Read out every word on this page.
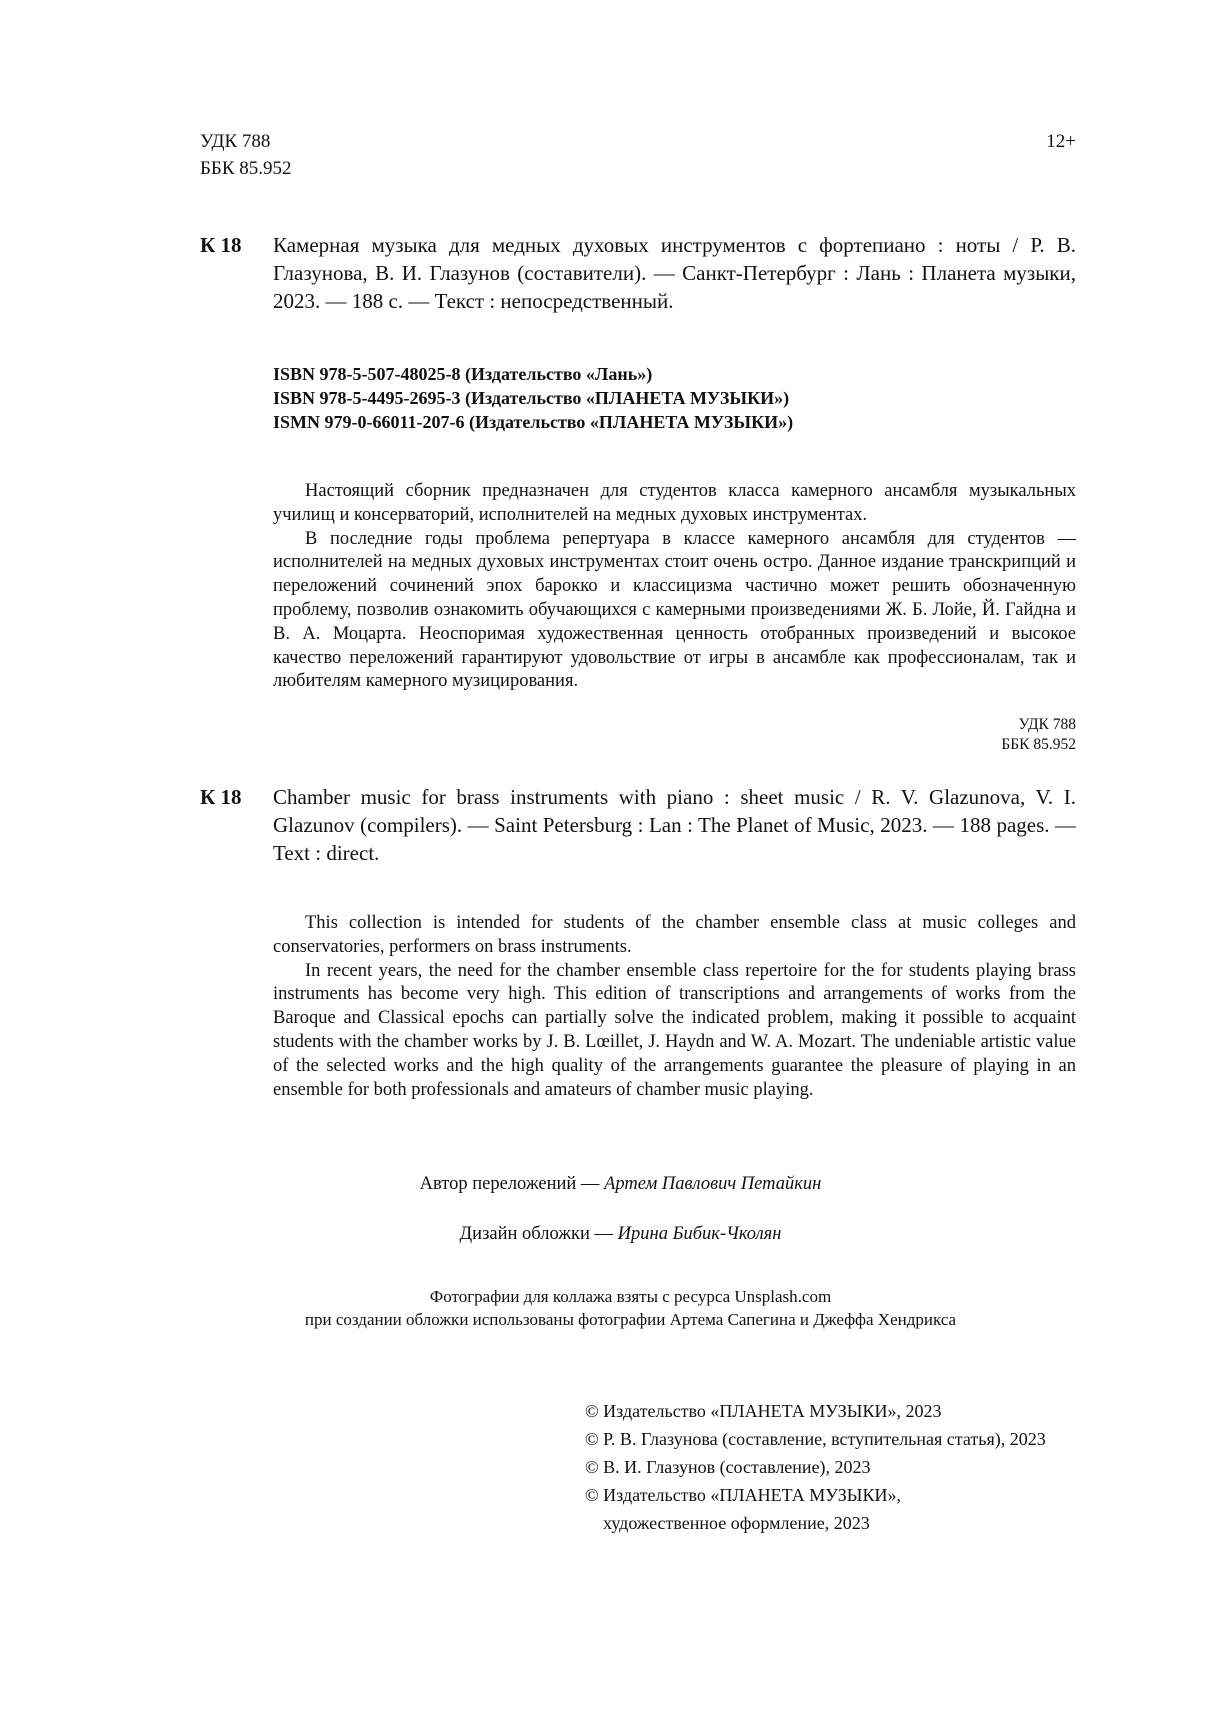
УДК 788
ББК 85.952
12+
К 18 Камерная музыка для медных духовых инструментов с фортепиано : ноты / Р. В. Глазунова, В. И. Глазунов (составители). — Санкт-Петербург : Лань : Планета музыки, 2023. — 188 с. — Текст : непосредственный.
ISBN 978-5-507-48025-8 (Издательство «Лань»)
ISBN 978-5-4495-2695-3 (Издательство «ПЛАНЕТА МУЗЫКИ»)
ISMN 979-0-66011-207-6 (Издательство «ПЛАНЕТА МУЗЫКИ»)

Настоящий сборник предназначен для студентов класса камерного ансамбля музыкальных училищ и консерваторий, исполнителей на медных духовых инструментах.

В последние годы проблема репертуара в классе камерного ансамбля для студентов — исполнителей на медных духовых инструментах стоит очень остро. Данное издание транскрипций и переложений сочинений эпох барокко и классицизма частично может решить обозначенную проблему, позволив ознакомить обучающихся с камерными произведениями Ж. Б. Лойе, Й. Гайдна и В. А. Моцарта. Неоспоримая художественная ценность отобранных произведений и высокое качество переложений гарантируют удовольствие от игры в ансамбле как профессионалам, так и любителям камерного музицирования.

УДК 788
ББК 85.952
К 18 Chamber music for brass instruments with piano : sheet music / R. V. Glazunova, V. I. Glazunov (compilers). — Saint Petersburg : Lan : The Planet of Music, 2023. — 188 pages. — Text : direct.

This collection is intended for students of the chamber ensemble class at music colleges and conservatories, performers on brass instruments.

In recent years, the need for the chamber ensemble class repertoire for the for students playing brass instruments has become very high. This edition of transcriptions and arrangements of works from the Baroque and Classical epochs can partially solve the indicated problem, making it possible to acquaint students with the chamber works by J. B. Lœillet, J. Haydn and W. A. Mozart. The undeniable artistic value of the selected works and the high quality of the arrangements guarantee the pleasure of playing in an ensemble for both professionals and amateurs of chamber music playing.

Автор переложений — Артем Павлович Петайкин
Дизайн обложки — Ирина Бибик-Чколян
Фотографии для коллажа взяты с ресурса Unsplash.com
при создании обложки использованы фотографии Артема Сапегина и Джеффа Хендрикса
© Издательство «ПЛАНЕТА МУЗЫКИ», 2023
© Р. В. Глазунова (составление, вступительная статья), 2023
© В. И. Глазунов (составление), 2023
© Издательство «ПЛАНЕТА МУЗЫКИ»,
художественное оформление, 2023
